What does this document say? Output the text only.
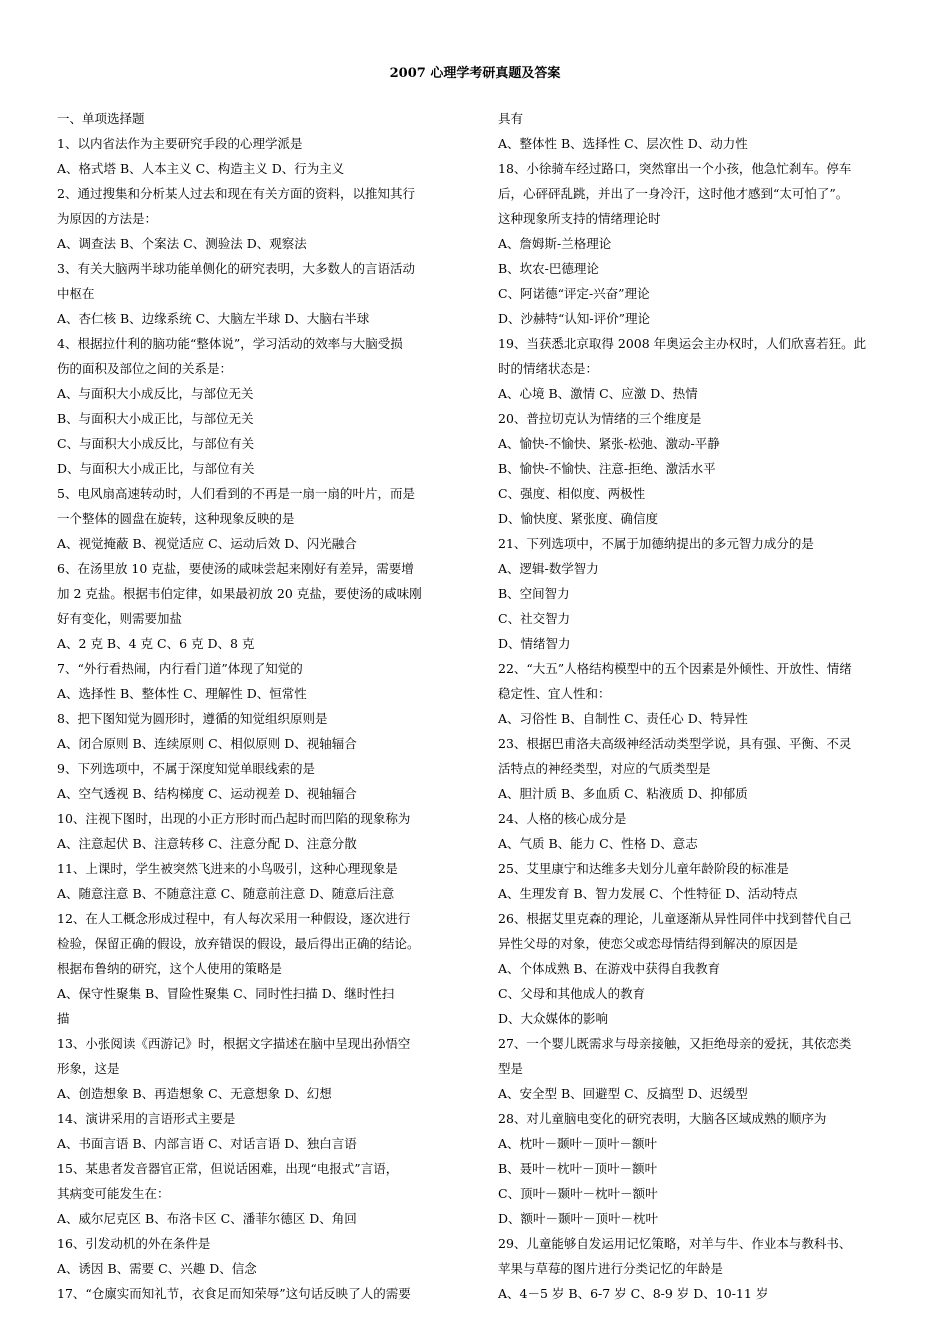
2007 心理学考研真题及答案
一、单项选择题
1、以内省法作为主要研究手段的心理学派是
A、格式塔 B、人本主义 C、构造主义 D、行为主义
2、通过搜集和分析某人过去和现在有关方面的资料，以推知其行
为原因的方法是：
A、调查法 B、个案法 C、测验法 D、观察法
3、有关大脑两半球功能单侧化的研究表明，大多数人的言语活动
中枢在
A、杏仁核 B、边缘系统 C、大脑左半球 D、大脑右半球
4、根据拉什利的脑功能“整体说”，学习活动的效率与大脑受损
伤的面积及部位之间的关系是：
A、与面积大小成反比，与部位无关
B、与面积大小成正比，与部位无关
C、与面积大小成反比，与部位有关
D、与面积大小成正比，与部位有关
5、电风扇高速转动时，人们看到的不再是一扇一扇的叶片，而是
一个整体的圆盘在旋转，这种现象反映的是
A、视觉掩蔽 B、视觉适应 C、运动后效 D、闪光融合
6、在汤里放 10 克盐，要使汤的咸味尝起来刚好有差异，需要增
加 2 克盐。根据韦伯定律，如果最初放 20 克盐，要使汤的咸味刚
好有变化，则需要加盐
A、2 克 B、4 克 C、6 克 D、8 克
7、“外行看热闹，内行看门道”体现了知觉的
A、选择性 B、整体性 C、理解性 D、恒常性
8、把下图知觉为圆形时，遵循的知觉组织原则是
A、闭合原则 B、连续原则 C、相似原则 D、视轴辐合
9、下列选项中，不属于深度知觉单眼线索的是
A、空气透视 B、结构梯度 C、运动视差 D、视轴辐合
10、注视下图时，出现的小正方形时而凸起时而凹陷的现象称为
A、注意起伏 B、注意转移 C、注意分配 D、注意分散
11、上课时，学生被突然飞进来的小鸟吸引，这种心理现象是
A、随意注意 B、不随意注意 C、随意前注意 D、随意后注意
12、在人工概念形成过程中，有人每次采用一种假设，逐次进行
检验，保留正确的假设，放弃错误的假设，最后得出正确的结论。
根据布鲁纳的研究，这个人使用的策略是
A、保守性聚集 B、冒险性聚集 C、同时性扫描 D、继时性扫
描
13、小张阅读《西游记》时，根据文字描述在脑中呈现出孙悟空
形象，这是
A、创造想象 B、再造想象 C、无意想象 D、幻想
14、演讲采用的言语形式主要是
A、书面言语 B、内部言语 C、对话言语 D、独白言语
15、某患者发音器官正常，但说话困难，出现“电报式”言语，
其病变可能发生在：
A、威尔尼克区 B、布洛卡区 C、潘菲尔德区 D、角回
16、引发动机的外在条件是
A、诱因 B、需要 C、兴趣 D、信念
17、“仓廪实而知礼节，衣食足而知荣辱”这句话反映了人的需要
具有
A、整体性 B、选择性 C、层次性 D、动力性
18、小徐骑车经过路口，突然窜出一个小孩，他急忙刹车。停车
后，心砰砰乱跳，并出了一身冷汗，这时他才感到“太可怕了”。
这种现象所支持的情绪理论时
A、詹姆斯-兰格理论
B、坎农-巴德理论
C、阿诺德“评定-兴奋”理论
D、沙赫特“认知-评价”理论
19、当获悉北京取得 2008 年奥运会主办权时，人们欣喜若狂。此
时的情绪状态是：
A、心境 B、激情 C、应激 D、热情
20、普拉切克认为情绪的三个维度是
A、愉快-不愉快、紧张-松弛、激动-平静
B、愉快-不愉快、注意-拒绝、激活水平
C、强度、相似度、两极性
D、愉快度、紧张度、确信度
21、下列选项中，不属于加德纳提出的多元智力成分的是
A、逻辑-数学智力
B、空间智力
C、社交智力
D、情绪智力
22、“大五”人格结构模型中的五个因素是外倾性、开放性、情绪
稳定性、宜人性和：
A、习俗性 B、自制性 C、责任心 D、特异性
23、根据巴甫洛夫高级神经活动类型学说，具有强、平衡、不灵
活特点的神经类型，对应的气质类型是
A、胆汁质 B、多血质 C、粘液质 D、抑郁质
24、人格的核心成分是
A、气质 B、能力 C、性格 D、意志
25、艾里康宁和达维多夫划分儿童年龄阶段的标准是
A、生理发育 B、智力发展 C、个性特征 D、活动特点
26、根据艾里克森的理论，儿童逐渐从异性同伴中找到替代自己
异性父母的对象，使恋父或恋母情结得到解决的原因是
A、个体成熟 B、在游戏中获得自我教育
C、父母和其他成人的教育
D、大众媒体的影响
27、一个婴儿既需求与母亲接触，又拒绝母亲的爱抚，其依恋类
型是
A、安全型 B、回避型 C、反搞型 D、迟缓型
28、对儿童脑电变化的研究表明，大脑各区域成熟的顺序为
A、枕叶－颞叶－顶叶－额叶
B、聂叶－枕叶－顶叶－额叶
C、顶叶－颞叶－枕叶－额叶
D、额叶－颞叶－顶叶－枕叶
29、儿童能够自发运用记忆策略，对羊与牛、作业本与教科书、
苹果与草莓的图片进行分类记忆的年龄是
A、4－5 岁 B、6-7 岁 C、8-9 岁 D、10-11 岁
